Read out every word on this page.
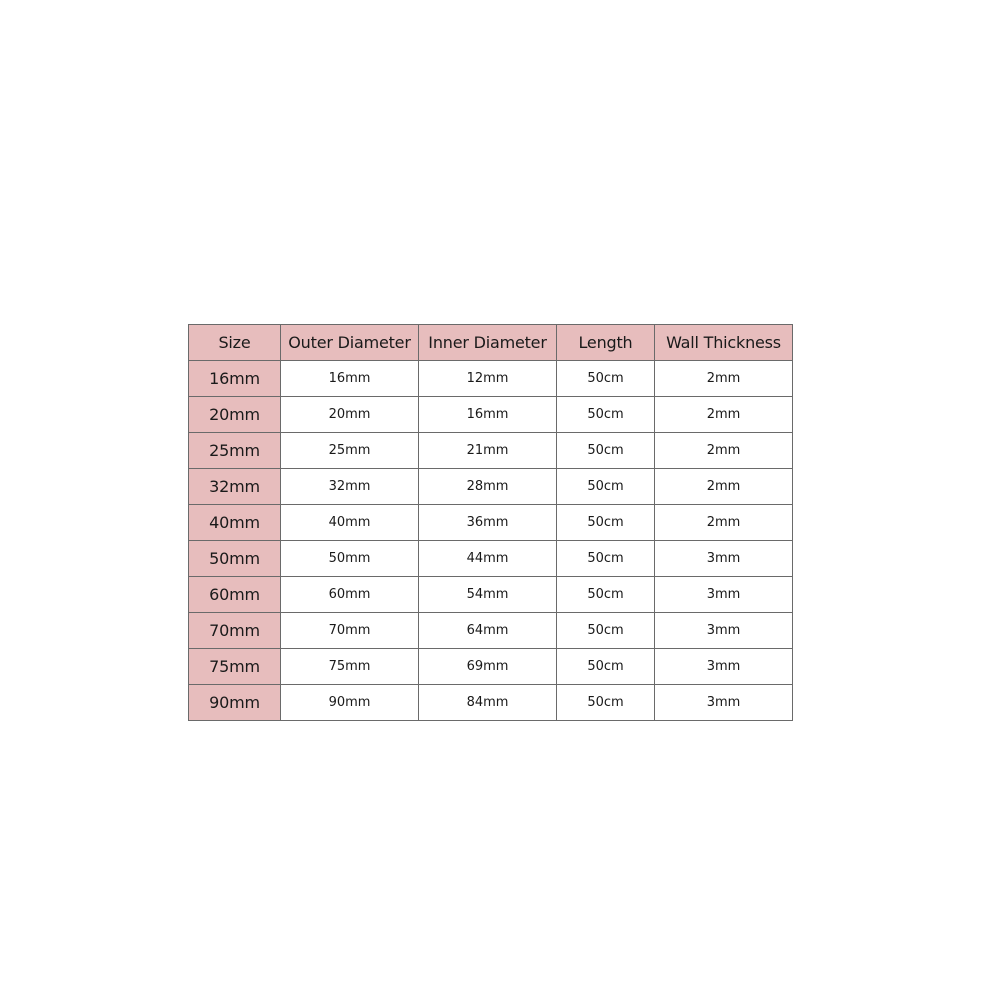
Size	Outer Diameter	Inner Diameter	Length	Wall Thickness
16mm	16mm	12mm	50cm	2mm
20mm	20mm	16mm	50cm	2mm
25mm	25mm	21mm	50cm	2mm
32mm	32mm	28mm	50cm	2mm
40mm	40mm	36mm	50cm	2mm
50mm	50mm	44mm	50cm	3mm
60mm	60mm	54mm	50cm	3mm
70mm	70mm	64mm	50cm	3mm
75mm	75mm	69mm	50cm	3mm
90mm	90mm	84mm	50cm	3mm
